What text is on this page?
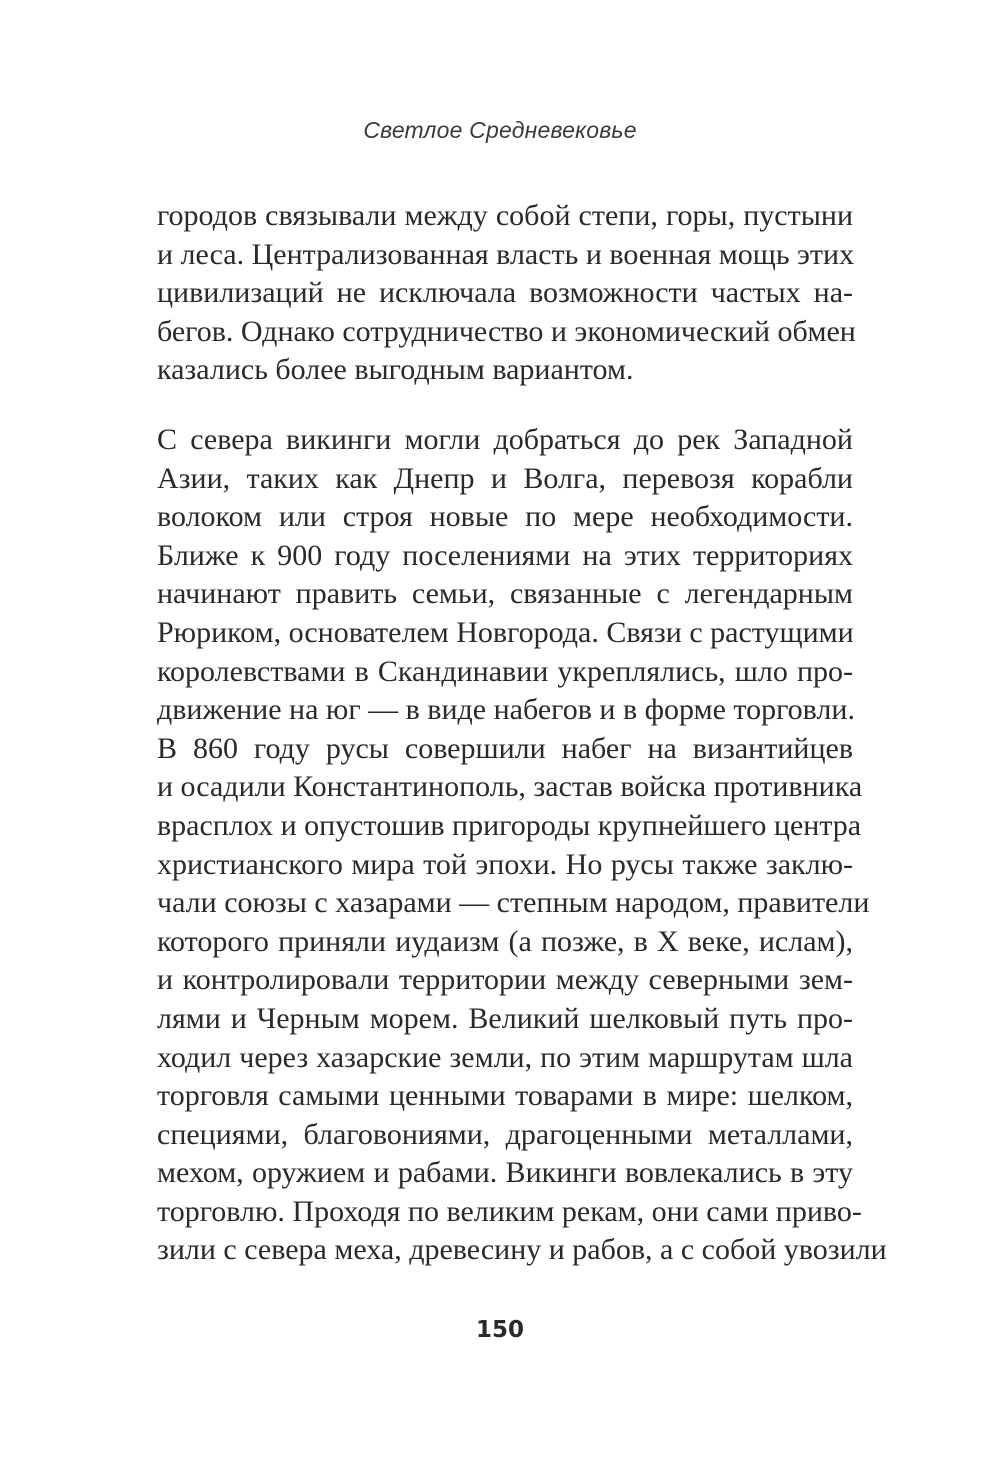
Светлое Средневековье
городов связывали между собой степи, горы, пустыни
и леса. Централизованная власть и военная мощь этих
цивилизаций не исключала возможности частых на-
бегов. Однако сотрудничество и экономический обмен
казались более выгодным вариантом.
С севера викинги могли добраться до рек Западной
Азии, таких как Днепр и Волга, перевозя корабли
волоком или строя новые по мере необходимости.
Ближе к 900 году поселениями на этих территориях
начинают править семьи, связанные с легендарным
Рюриком, основателем Новгорода. Связи с растущими
королевствами в Скандинавии укреплялись, шло про-
движение на юг — в виде набегов и в форме торговли.
В 860 году русы совершили набег на византийцев
и осадили Константинополь, застав войска противника
врасплох и опустошив пригороды крупнейшего центра
христианского мира той эпохи. Но русы также заклю-
чали союзы с хазарами — степным народом, правители
которого приняли иудаизм (а позже, в X веке, ислам),
и контролировали территории между северными зем-
лями и Черным морем. Великий шелковый путь про-
ходил через хазарские земли, по этим маршрутам шла
торговля самыми ценными товарами в мире: шелком,
специями, благовониями, драгоценными металлами,
мехом, оружием и рабами. Викинги вовлекались в эту
торговлю. Проходя по великим рекам, они сами приво-
зили с севера меха, древесину и рабов, а с собой увозили
150
